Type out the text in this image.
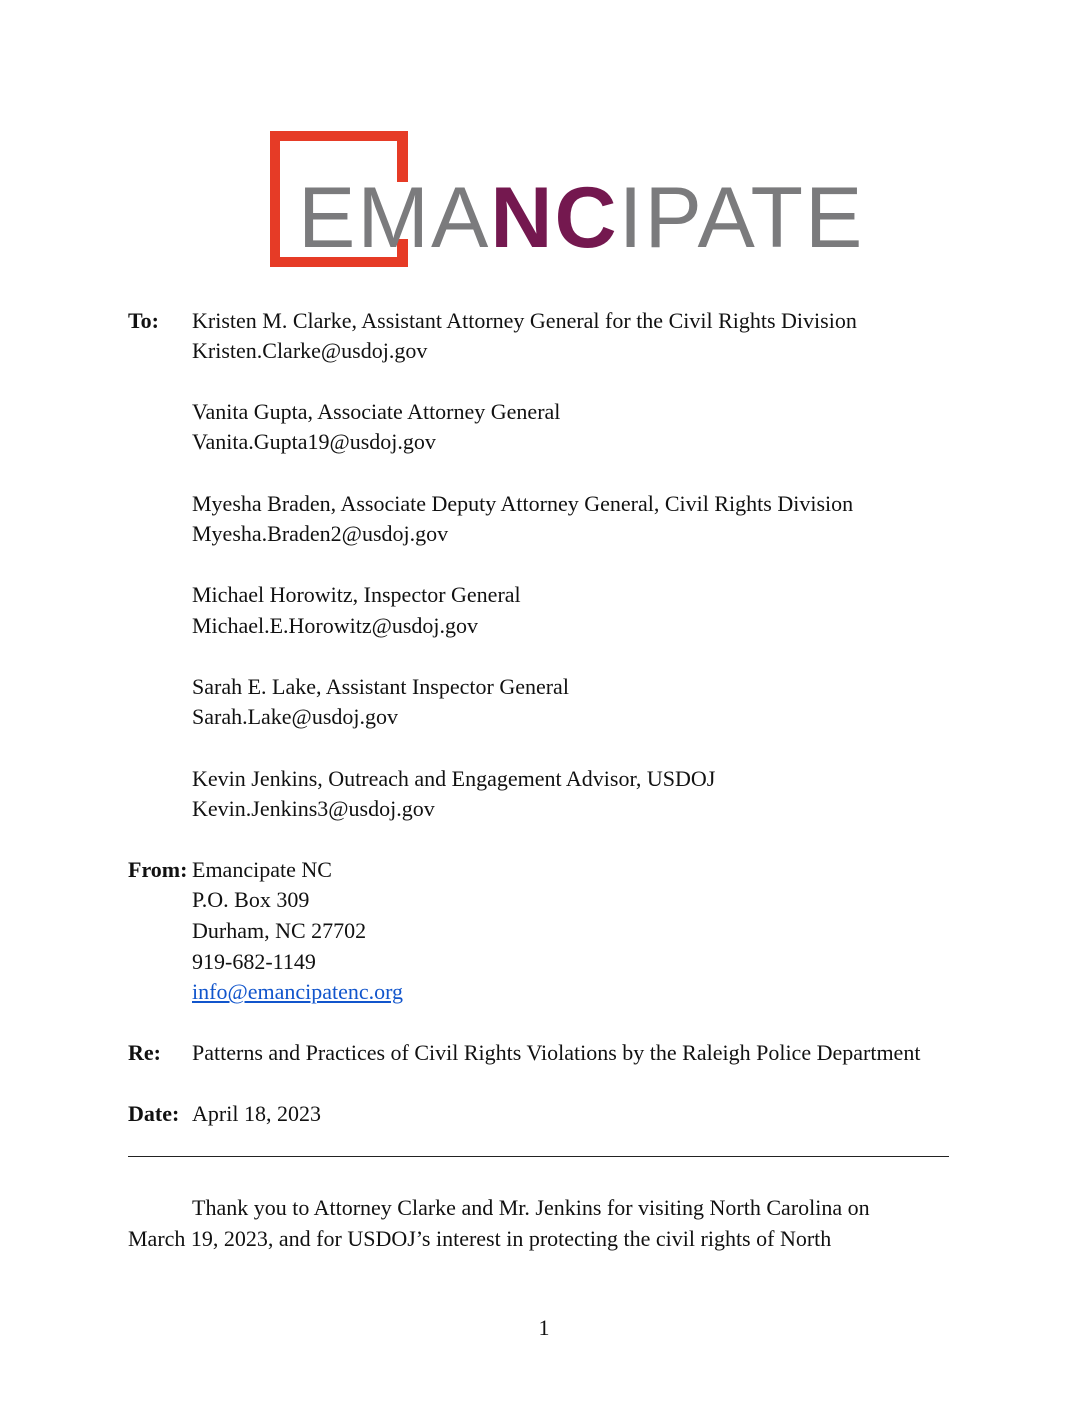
EMANCIPATE
To: Kristen M. Clarke, Assistant Attorney General for the Civil Rights Division
Kristen.Clarke@usdoj.gov
Vanita Gupta, Associate Attorney General
Vanita.Gupta19@usdoj.gov
Myesha Braden, Associate Deputy Attorney General, Civil Rights Division
Myesha.Braden2@usdoj.gov
Michael Horowitz, Inspector General
Michael.E.Horowitz@usdoj.gov
Sarah E. Lake, Assistant Inspector General
Sarah.Lake@usdoj.gov
Kevin Jenkins, Outreach and Engagement Advisor, USDOJ
Kevin.Jenkins3@usdoj.gov
From: Emancipate NC
P.O. Box 309
Durham, NC 27702
919-682-1149
info@emancipatenc.org
Re: Patterns and Practices of Civil Rights Violations by the Raleigh Police Department
Date: April 18, 2023
Thank you to Attorney Clarke and Mr. Jenkins for visiting North Carolina on
March 19, 2023, and for USDOJ’s interest in protecting the civil rights of North
1
